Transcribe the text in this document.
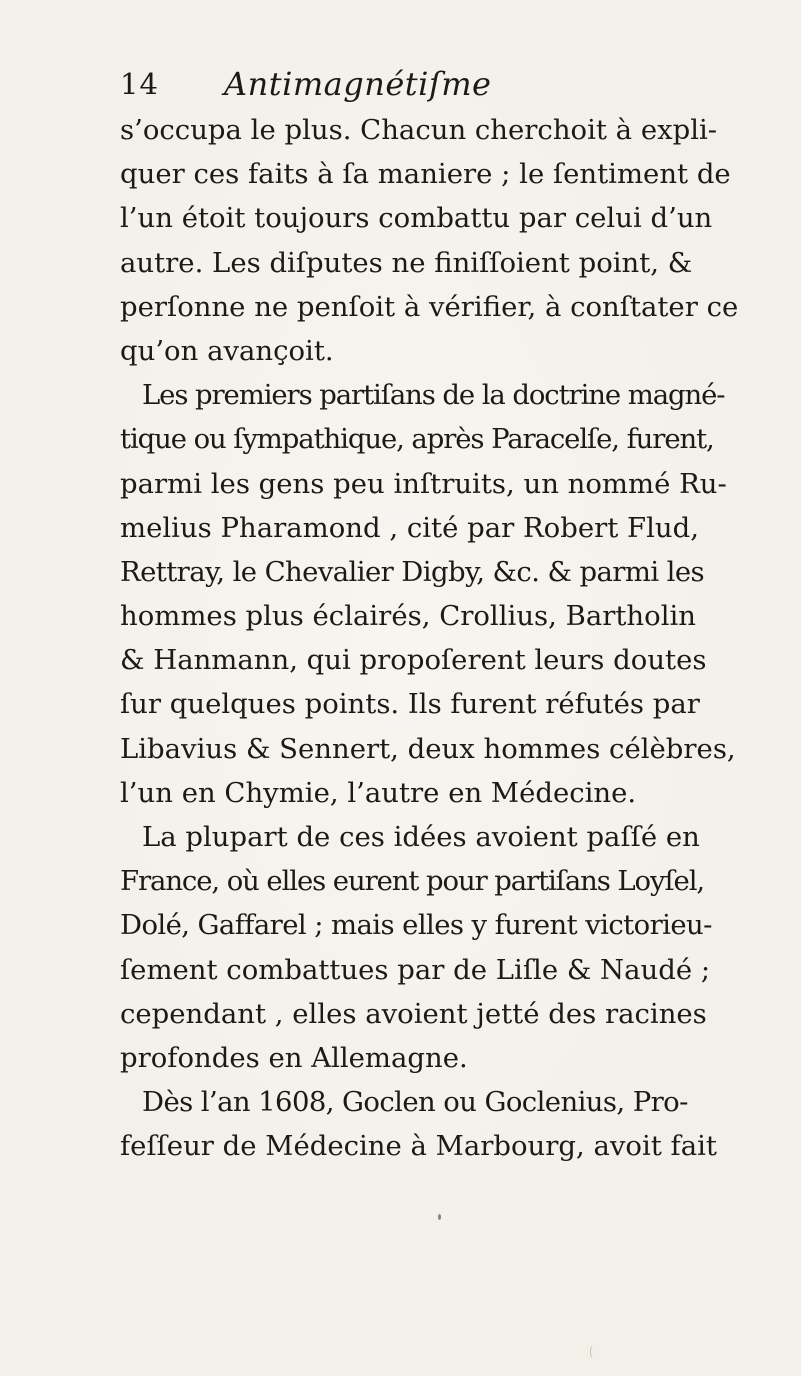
14 Antimagnétiſme
s’occupa le plus. Chacun cherchoit à expli-
quer ces faits à ſa maniere ; le ſentiment de
l’un étoit toujours combattu par celui d’un
autre. Les diſputes ne finiſſoient point, &
perſonne ne penſoit à vérifier, à conſtater ce
qu’on avançoit.
Les premiers partiſans de la doctrine magné-
tique ou ſympathique, après Paracelſe, furent,
parmi les gens peu inſtruits, un nommé Ru-
melius Pharamond , cité par Robert Flud,
Rettray, le Chevalier Digby, &c. & parmi les
hommes plus éclairés, Crollius, Bartholin
& Hanmann, qui propoſerent leurs doutes
ſur quelques points. Ils furent réfutés par
Libavius & Sennert, deux hommes célèbres,
l’un en Chymie, l’autre en Médecine.
La plupart de ces idées avoient paſſé en
France, où elles eurent pour partiſans Loyſel,
Dolé, Gaffarel ; mais elles y furent victorieu-
ſement combattues par de Liſle & Naudé ;
cependant , elles avoient jetté des racines
profondes en Allemagne.
Dès l’an 1608, Goclen ou Goclenius, Pro-
feſſeur de Médecine à Marbourg, avoit fait
